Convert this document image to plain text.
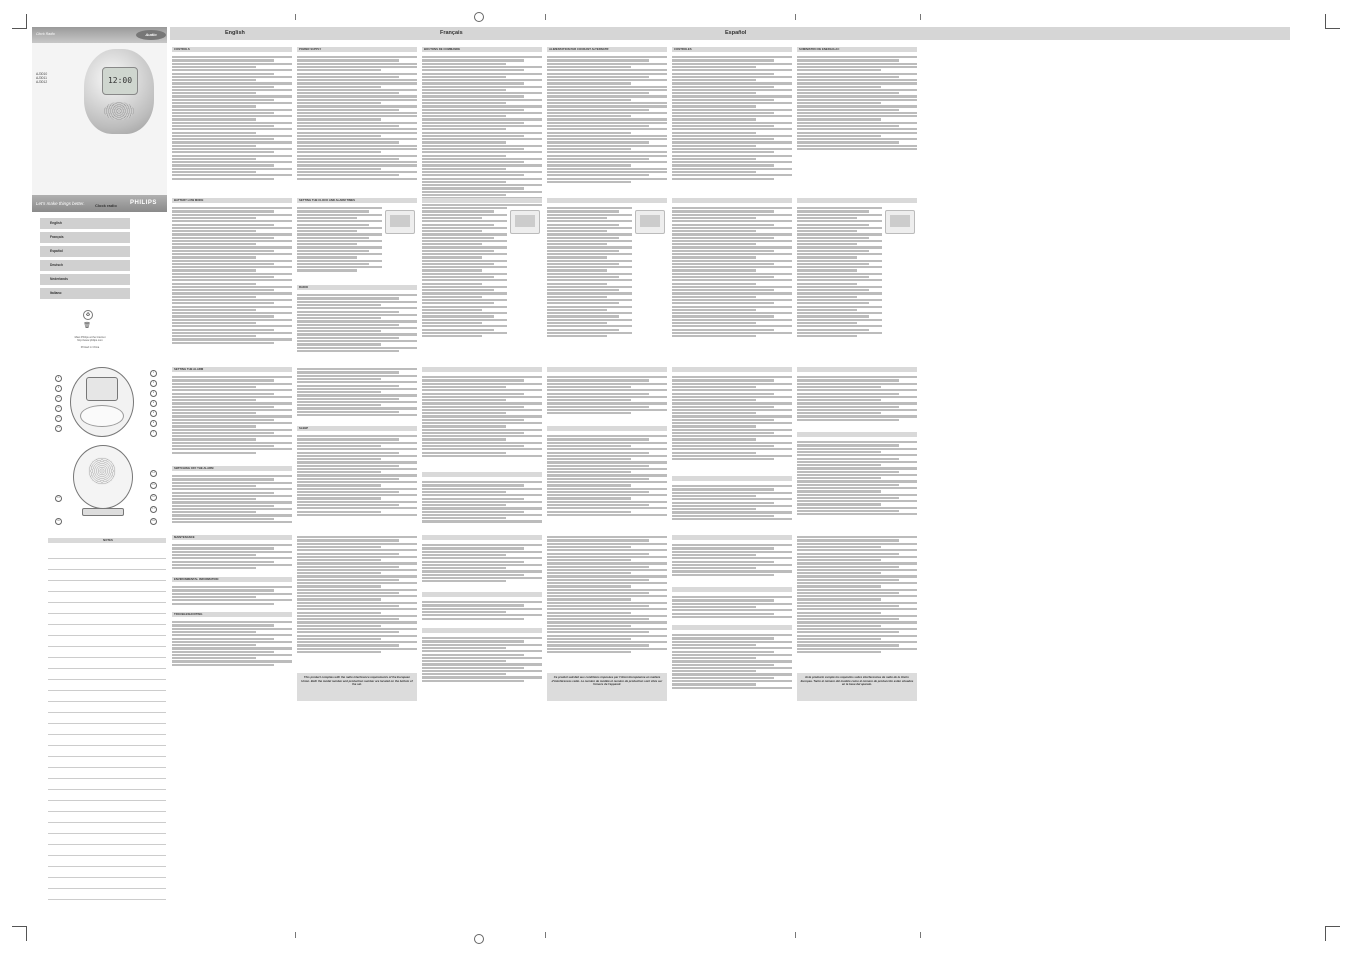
English	Français	Español
Clock Radio	Audio
AJ3010
AJ3011
AJ3012	12:00
Let's make things better.	PHILIPS
Clock radio
English
Français
Español
Deutsch
Nederlands
Italiano
♻
🗑
Meet Philips at the Internet
http://www.philips.com
Printed in China
1
2
3
4
5
6
7
8
9
10
11
12
13
14
15
16
17
18
19
20
NOTES
CONTROLS	POWER SUPPLY	BOUTONS DE COMMANDE	ALIMENTATION PAR COURANT ALTERNATIF	CONTROLES	SUMINISTRO DE ENERGIA AC
BATTERY LOW MODE	SETTING THE CLOCK AND ALARM TIMES
RADIO
SETTING THE ALARM
SWITCHING OFF THE ALARM
SLEEP
MAINTENANCE
ENVIRONMENTAL INFORMATION
TROUBLESHOOTING
This product complies with the radio interference requirements of the European Union. Both the model number and production number are located on the bottom of the set.
Ce produit satisfait aux conditions imposées par l'Union Européenne en matière d'interférences radio. Le numéro de modèle et numéro de production sont cités sur l'envers de l'appareil.
Este producto cumple los requisitos sobre interferencias de radio de la Unión Europea. Tanto el número del modelo como el número de producción están situados en la base del aparato.
